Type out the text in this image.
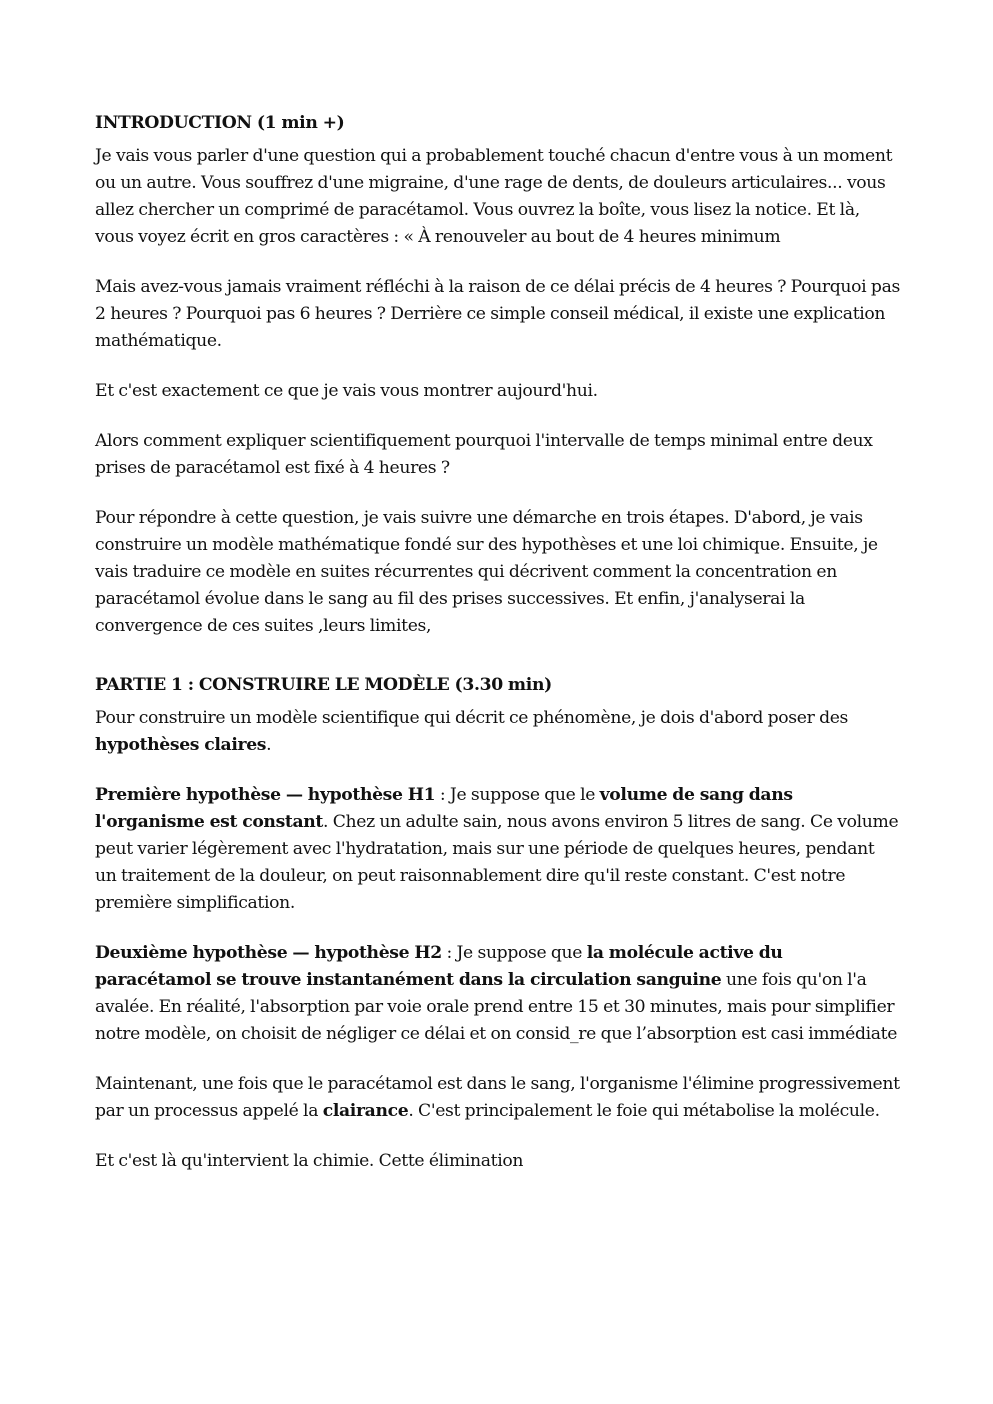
INTRODUCTION (1 min +)

Je vais vous parler d'une question qui a probablement touché chacun d'entre vous à un moment ou un autre. Vous souffrez d'une migraine, d'une rage de dents, de douleurs articulaires... vous allez chercher un comprimé de paracétamol. Vous ouvrez la boîte, vous lisez la notice. Et là, vous voyez écrit en gros caractères : « À renouveler au bout de 4 heures minimum

Mais avez-vous jamais vraiment réfléchi à la raison de ce délai précis de 4 heures ? Pourquoi pas 2 heures ? Pourquoi pas 6 heures ? Derrière ce simple conseil médical, il existe une explication mathématique.

Et c'est exactement ce que je vais vous montrer aujourd'hui.

Alors comment expliquer scientifiquement pourquoi l'intervalle de temps minimal entre deux prises de paracétamol est fixé à 4 heures ?

Pour répondre à cette question, je vais suivre une démarche en trois étapes. D'abord, je vais construire un modèle mathématique fondé sur des hypothèses et une loi chimique. Ensuite, je vais traduire ce modèle en suites récurrentes qui décrivent comment la concentration en paracétamol évolue dans le sang au fil des prises successives. Et enfin, j'analyserai la convergence de ces suites ,leurs limites,

PARTIE 1 : CONSTRUIRE LE MODÈLE (3.30 min)

Pour construire un modèle scientifique qui décrit ce phénomène, je dois d'abord poser des hypothèses claires.

Première hypothèse — hypothèse H1 : Je suppose que le volume de sang dans l'organisme est constant. Chez un adulte sain, nous avons environ 5 litres de sang. Ce volume peut varier légèrement avec l'hydratation, mais sur une période de quelques heures, pendant un traitement de la douleur, on peut raisonnablement dire qu'il reste constant. C'est notre première simplification.

Deuxième hypothèse — hypothèse H2 : Je suppose que la molécule active du paracétamol se trouve instantanément dans la circulation sanguine une fois qu'on l'a avalée. En réalité, l'absorption par voie orale prend entre 15 et 30 minutes, mais pour simplifier notre modèle, on choisit de négliger ce délai et on consid_re que l’absorption est casi immédiate

Maintenant, une fois que le paracétamol est dans le sang, l'organisme l'élimine progressivement par un processus appelé la clairance. C'est principalement le foie qui métabolise la molécule.

Et c'est là qu'intervient la chimie. Cette élimination
